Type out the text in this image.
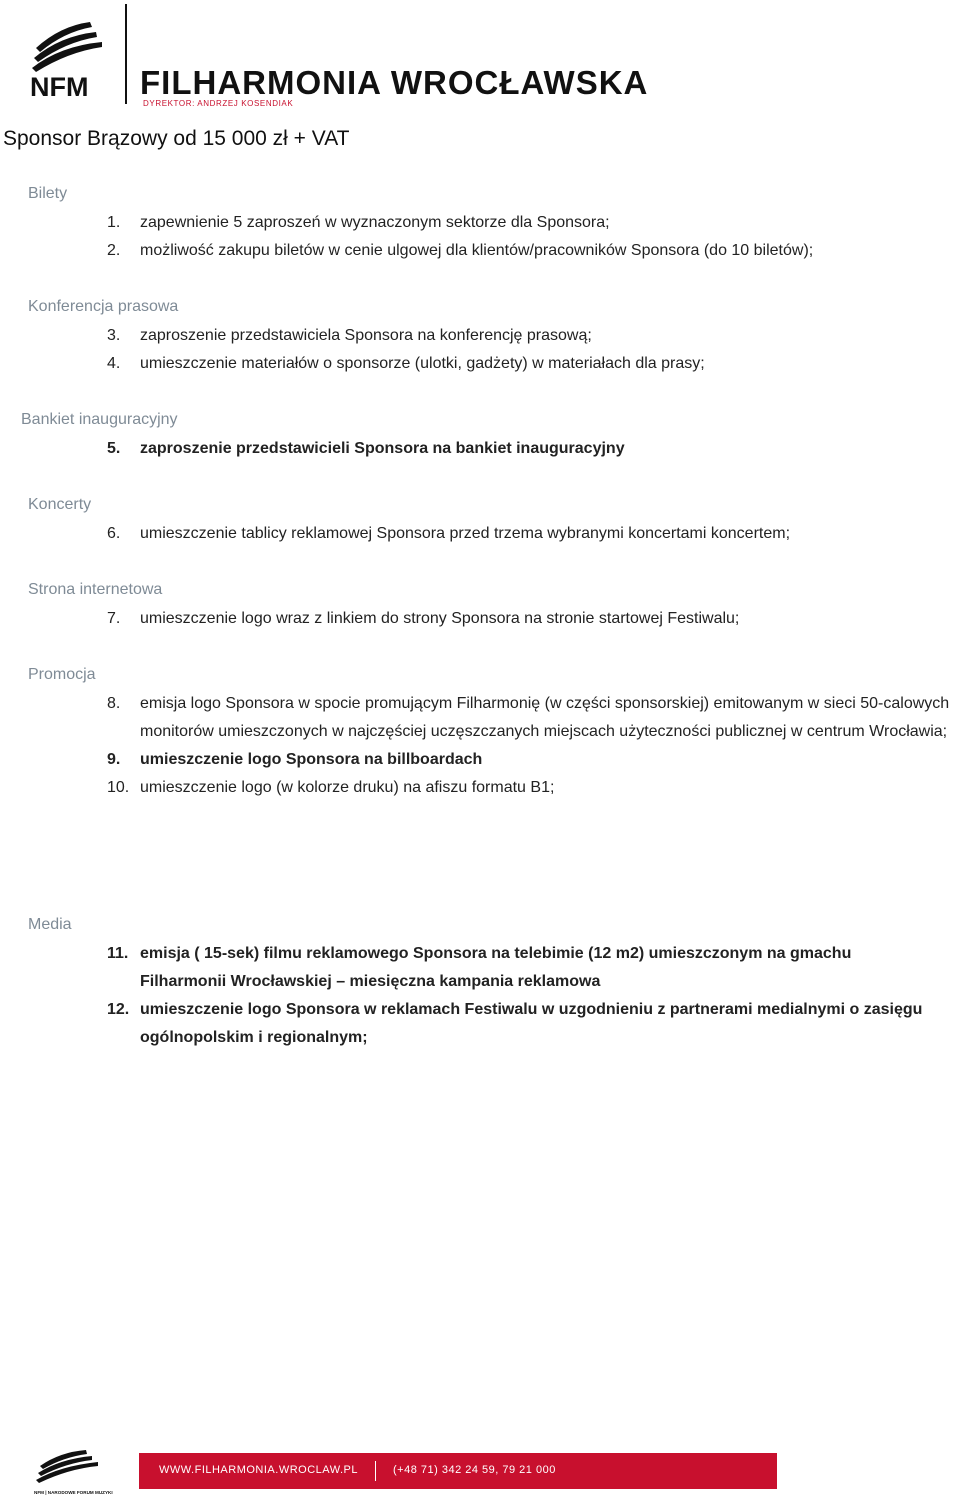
NFM FILHARMONIA WROCŁAWSKA
DYREKTOR: ANDRZEJ KOSENDIAK
Sponsor Brązowy od 15 000 zł + VAT
Bilety
1.	zapewnienie 5 zaproszeń w wyznaczonym sektorze dla Sponsora;
2.	możliwość zakupu biletów w cenie ulgowej dla klientów/pracowników Sponsora (do 10 biletów);
Konferencja prasowa
3.	zaproszenie przedstawiciela Sponsora na konferencję prasową;
4.	umieszczenie materiałów o sponsorze (ulotki, gadżety) w materiałach dla prasy;
Bankiet inauguracyjny
5.	zaproszenie przedstawicieli Sponsora na bankiet inauguracyjny
Koncerty
6.	umieszczenie tablicy reklamowej Sponsora przed trzema wybranymi koncertami koncertem;
Strona internetowa
7.	umieszczenie logo wraz z linkiem do strony Sponsora na stronie startowej Festiwalu;
Promocja
8.	emisja logo Sponsora w spocie promującym Filharmonię (w części sponsorskiej) emitowanym w sieci 50-calowych monitorów umieszczonych w najczęściej uczęszczanych miejscach użyteczności publicznej w centrum Wrocławia;
9.	umieszczenie logo Sponsora na billboardach
10. umieszczenie logo (w kolorze druku) na afiszu formatu B1;
Media
11. emisja ( 15-sek) filmu reklamowego Sponsora na telebimie (12 m2) umieszczonym na gmachu Filharmonii Wrocławskiej – miesięczna kampania reklamowa
12. umieszczenie logo Sponsora w reklamach Festiwalu w uzgodnieniu z partnerami medialnymi o zasięgu ogólnopolskim i regionalnym;
NFM | NARODOWE FORUM MUZYKI
WWW.FILHARMONIA.WROCLAW.PL	(+48 71) 342 24 59, 79 21 000
